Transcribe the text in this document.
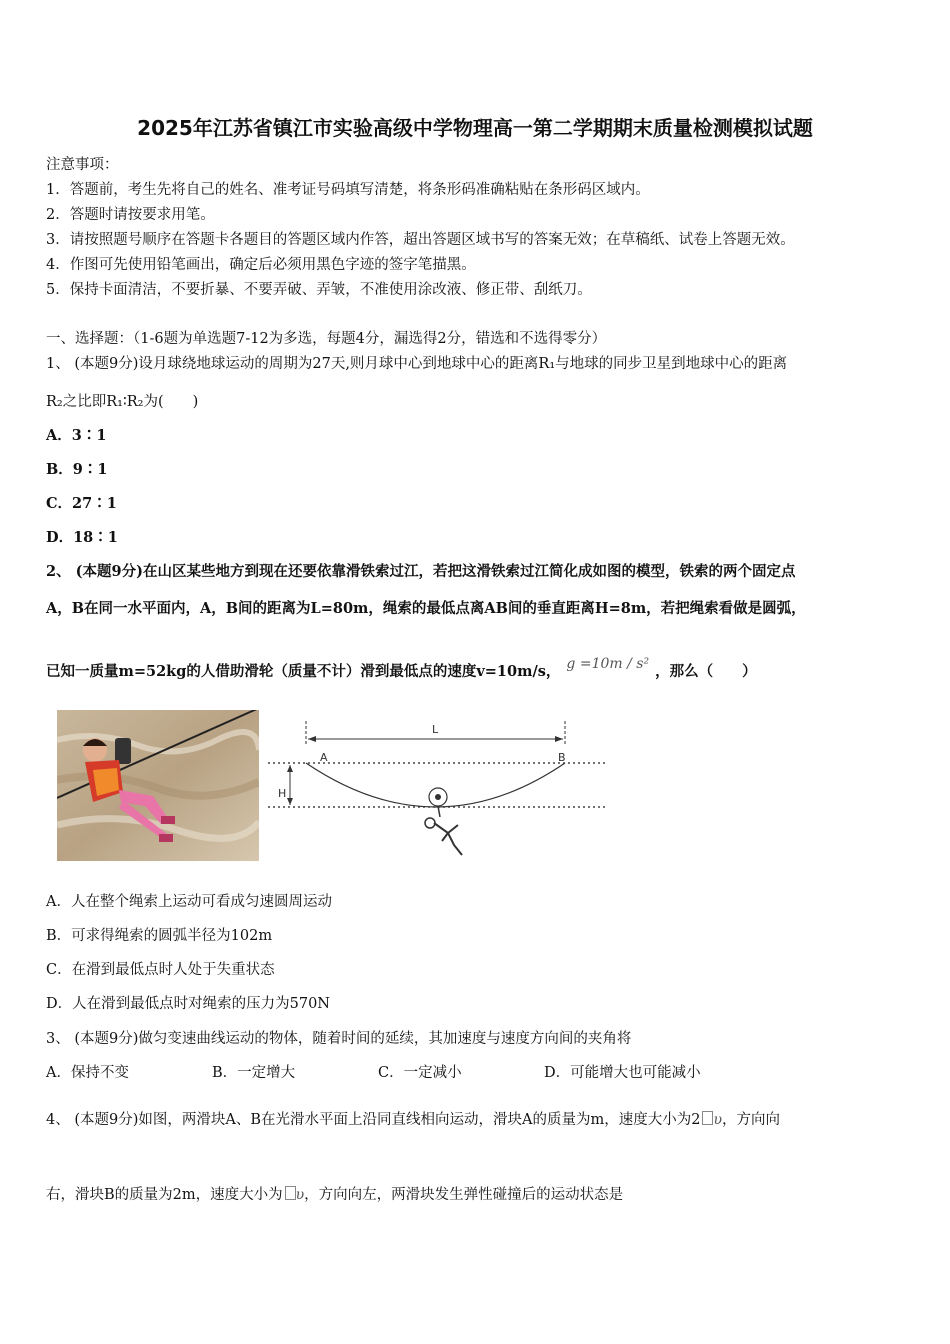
2025年江苏省镇江市实验高级中学物理高一第二学期期末质量检测模拟试题
注意事项：
1．答题前，考生先将自己的姓名、准考证号码填写清楚，将条形码准确粘贴在条形码区域内。
2．答题时请按要求用笔。
3．请按照题号顺序在答题卡各题目的答题区域内作答，超出答题区域书写的答案无效；在草稿纸、试卷上答题无效。
4．作图可先使用铅笔画出，确定后必须用黑色字迹的签字笔描黑。
5．保持卡面清洁，不要折暴、不要弄破、弄皱，不准使用涂改液、修正带、刮纸刀。
一、选择题：（1-6题为单选题7-12为多选，每题4分，漏选得2分，错选和不选得零分）
1、 (本题9分)设月球绕地球运动的周期为27天,则月球中心到地球中心的距离R₁与地球的同步卫星到地球中心的距离
R₂之比即R₁∶R₂为(　　)
A．3∶1
B．9∶1
C．27∶1
D．18∶1
2、 (本题9分)在山区某些地方到现在还要依靠滑铁索过江，若把这滑铁索过江简化成如图的模型，铁索的两个固定点
A，B在同一水平面内，A，B间的距离为L=80m，绳索的最低点离AB间的垂直距离H=8m，若把绳索看做是圆弧，
已知一质量m=52kg的人借助滑轮（质量不计）滑到最低点的速度v=10m/s， g =10m / s² ，那么（　　）
L
A	B
H
A．人在整个绳索上运动可看成匀速圆周运动
B．可求得绳索的圆弧半径为102m
C．在滑到最低点时人处于失重状态
D．人在滑到最低点时对绳索的压力为570N
3、 (本题9分)做匀变速曲线运动的物体，随着时间的延续，其加速度与速度方向间的夹角将
A．保持不变	B．一定增大	C．一定减小	D．可能增大也可能减小
4、 (本题9分)如图，两滑块A、B在光滑水平面上沿同直线相向运动，滑块A的质量为m，速度大小为2 υ，方向向
右，滑块B的质量为2m，速度大小为 υ，方向向左，两滑块发生弹性碰撞后的运动状态是
